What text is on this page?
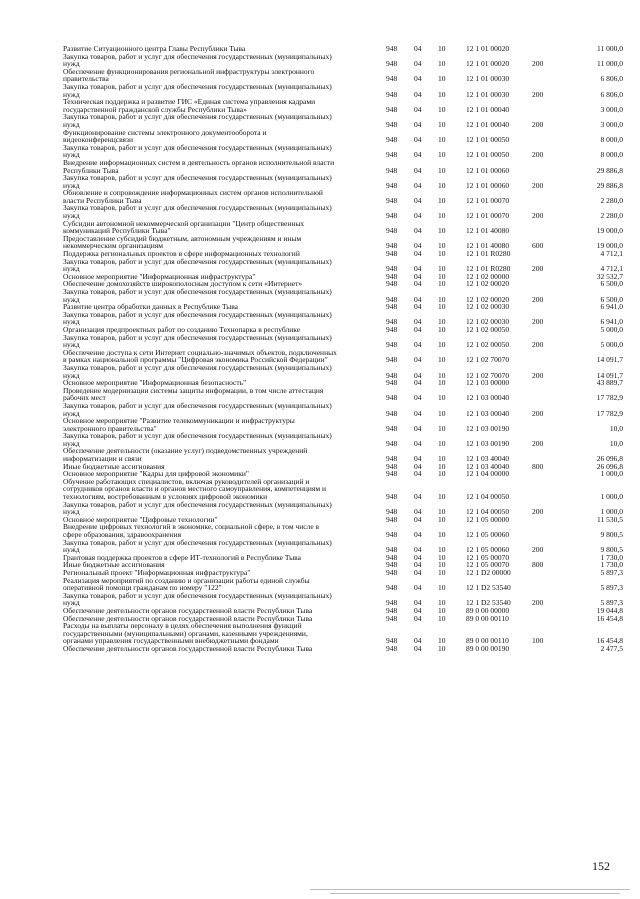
Развитие Ситуационного центра Главы Республики Тыва	948 04 10	12 1 01 00020	11 000,0
Закупка товаров, работ и услуг для обеспечения государственных (муниципальных)
нужд	948 04 10	12 1 01 00020	200	11 000,0
Обеспечение функционирования региональной инфраструктуры электронного
правительства	948 04 10	12 1 01 00030	6 806,0
Закупка товаров, работ и услуг для обеспечения государственных (муниципальных)
нужд	948 04 10	12 1 01 00030	200	6 806,0
Техническая поддержка и развитие ГИС «Единая система управления кадрами
государственной гражданской службы Республики Тыва»	948 04 10	12 1 01 00040	3 000,0
Закупка товаров, работ и услуг для обеспечения государственных (муниципальных)
нужд	948 04 10	12 1 01 00040	200	3 000,0
Функционирование системы электронного документооборота и
видеоконференцсвязи	948 04 10	12 1 01 00050	8 000,0
Закупка товаров, работ и услуг для обеспечения государственных (муниципальных)
нужд	948 04 10	12 1 01 00050	200	8 000,0
Внедрение информационных систем в деятельность органов исполнительной власти
Республики Тыва	948 04 10	12 1 01 00060	29 886,8
Закупка товаров, работ и услуг для обеспечения государственных (муниципальных)
нужд	948 04 10	12 1 01 00060	200	29 886,8
Обновление и сопровождение информационных систем органов исполнительной
власти Республики Тыва	948 04 10	12 1 01 00070	2 280,0
Закупка товаров, работ и услуг для обеспечения государственных (муниципальных)
нужд	948 04 10	12 1 01 00070	200	2 280,0
Субсидии автономной некоммерческой организации "Центр общественных
коммуникаций Республики Тыва"	948 04 10	12 1 01 40080	19 000,0
Предоставление субсидий бюджетным, автономным учреждениям и иным
некоммерческим организациям	948 04 10	12 1 01 40080	600	19 000,0
Поддержка региональных проектов в сфере информационных технологий	948 04 10	12 1 01 R0280	4 712,1
Закупка товаров, работ и услуг для обеспечения государственных (муниципальных)
нужд	948 04 10	12 1 01 R0280	200	4 712,1
Основное мероприятие "Информационная инфраструктура"	948 04 10	12 1 02 00000	32 532,7
Обеспечение домохозяйств широкополосным доступом к сети «Интернет»	948 04 10	12 1 02 00020	6 500,0
Закупка товаров, работ и услуг для обеспечения государственных (муниципальных)
нужд	948 04 10	12 1 02 00020	200	6 500,0
Развитие центра обработки данных в Республике Тыва	948 04 10	12 1 02 00030	6 941,0
Закупка товаров, работ и услуг для обеспечения государственных (муниципальных)
нужд	948 04 10	12 1 02 00030	200	6 941,0
Организация предпроектных работ по созданию Технопарка в республике	948 04 10	12 1 02 00050	5 000,0
Закупка товаров, работ и услуг для обеспечения государственных (муниципальных)
нужд	948 04 10	12 1 02 00050	200	5 000,0
Обеспечение доступа к сети Интернет социально-значимых объектов, подключенных
в рамках национальной программы "Цифровая экономика Российской Федерации"	948 04 10	12 1 02 70070	14 091,7
Закупка товаров, работ и услуг для обеспечения государственных (муниципальных)
нужд	948 04 10	12 1 02 70070	200	14 091,7
Основное мероприятие "Информационная безопасность"	948 04 10	12 1 03 00000	43 889,7
Проведение модернизации системы защиты информации, в том числе аттестация
рабочих мест	948 04 10	12 1 03 00040	17 782,9
Закупка товаров, работ и услуг для обеспечения государственных (муниципальных)
нужд	948 04 10	12 1 03 00040	200	17 782,9
Основное мероприятие "Развитие телекоммуникации и инфраструктуры
электронного правительства"	948 04 10	12 1 03 00190	10,0
Закупка товаров, работ и услуг для обеспечения государственных (муниципальных)
нужд	948 04 10	12 1 03 00190	200	10,0
Обеспечение деятельности (оказание услуг) подведомственных учреждений
информатизации и связи	948 04 10	12 1 03 40040	26 096,8
Иные бюджетные ассигнования	948 04 10	12 1 03 40040	800	26 096,8
Основное мероприятие "Кадры для цифровой экономики"	948 04 10	12 1 04 00000	1 000,0
Обучение работающих специалистов, включая руководителей организаций и
сотрудников органов власти и органов местного самоуправления, компетенциям и
технологиям, востребованным в условиях цифровой экономики	948 04 10	12 1 04 00050	1 000,0
Закупка товаров, работ и услуг для обеспечения государственных (муниципальных)
нужд	948 04 10	12 1 04 00050	200	1 000,0
Основное мероприятие "Цифровые технологии"	948 04 10	12 1 05 00000	11 530,5
Внедрение цифровых технологий в экономике, социальной сфере, в том числе в
сфере образования, здравоохранения	948 04 10	12 1 05 00060	9 800,5
Закупка товаров, работ и услуг для обеспечения государственных (муниципальных)
нужд	948 04 10	12 1 05 00060	200	9 800,5
Грантовая поддержка проектов в сфере ИТ-технологий в Республике Тыва	948 04 10	12 1 05 00070	1 730,0
Иные бюджетные ассигнования	948 04 10	12 1 05 00070	800	1 730,0
Региональный проект "Информационная инфраструктура"	948 04 10	12 1 D2 00000	5 897,3
Реализация мероприятий по созданию и организации работы единой службы
оперативной помощи гражданам по номеру "122"	948 04 10	12 1 D2 53540	5 897,3
Закупка товаров, работ и услуг для обеспечения государственных (муниципальных)
нужд	948 04 10	12 1 D2 53540	200	5 897,3
Обеспечение деятельности органов государственной власти Республики Тыва	948 04 10	89 0 00 00000	19 044,8
Обеспечение деятельности органов государственной власти Республики Тыва	948 04 10	89 0 00 00110	16 454,8
Расходы на выплаты персоналу в целях обеспечения выполнения функций
государственными (муниципальными) органами, казенными учреждениями,
органами управления государственными внебюджетными фондами	948 04 10	89 0 00 00110	100	16 454,8
Обеспечение деятельности органов государственной власти Республики Тыва	948 04 10	89 0 00 00190	2 477,5
152
